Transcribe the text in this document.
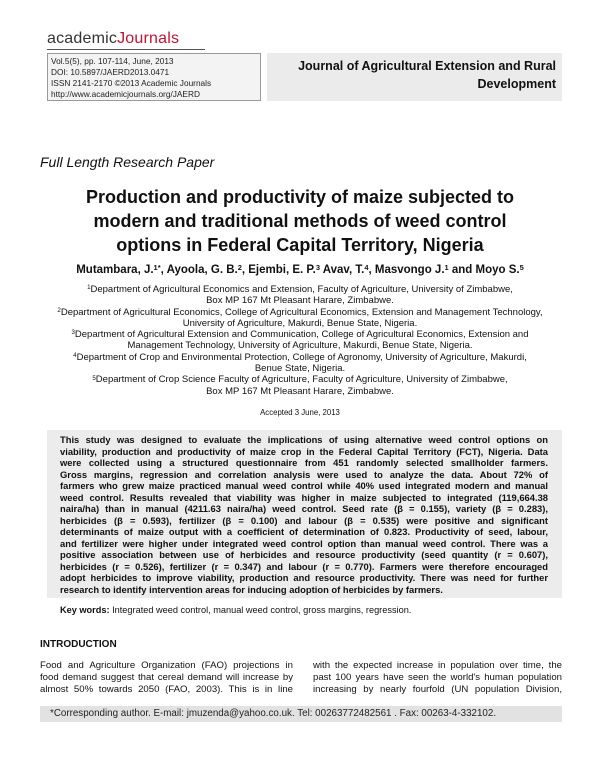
academicJournals
Vol.5(5), pp. 107-114, June, 2013
DOI: 10.5897/JAERD2013.0471
ISSN 2141-2170 ©2013 Academic Journals
http://www.academicjournals.org/JAERD
Journal of Agricultural Extension and Rural
Development
Full Length Research Paper
Production and productivity of maize subjected to
modern and traditional methods of weed control
options in Federal Capital Territory, Nigeria
Mutambara, J.$^{1*}$, Ayoola, G. B.$^2$, Ejembi, E. P.$^3$ Avav, T.$^4$, Masvongo J.$^1$ and Moyo S.$^5$
$^1$Department of Agricultural Economics and Extension, Faculty of Agriculture, University of Zimbabwe,
Box MP 167 Mt Pleasant Harare, Zimbabwe.
$^2$Department of Agricultural Economics, College of Agricultural Economics, Extension and Management Technology,
University of Agriculture, Makurdi, Benue State, Nigeria.
$^3$Department of Agricultural Extension and Communication, College of Agricultural Economics, Extension and
Management Technology, University of Agriculture, Makurdi, Benue State, Nigeria.
$^4$Department of Crop and Environmental Protection, College of Agronomy, University of Agriculture, Makurdi,
Benue State, Nigeria.
$^5$Department of Crop Science Faculty of Agriculture, Faculty of Agriculture, University of Zimbabwe,
Box MP 167 Mt Pleasant Harare, Zimbabwe.
Accepted 3 June, 2013
This study was designed to evaluate the implications of using alternative weed control options on
viability, production and productivity of maize crop in the Federal Capital Territory (FCT), Nigeria. Data
were collected using a structured questionnaire from 451 randomly selected smallholder farmers.
Gross margins, regression and correlation analysis were used to analyze the data. About 72% of
farmers who grew maize practiced manual weed control while 40% used integrated modern and manual
weed control. Results revealed that viability was higher in maize subjected to integrated (119,664.38
naira/ha) than in manual (4211.63 naira/ha) weed control. Seed rate (β = 0.155), variety (β = 0.283),
herbicides (β = 0.593), fertilizer (β = 0.100) and labour (β = 0.535) were positive and significant
determinants of maize output with a coefficient of determination of 0.823. Productivity of seed, labour,
and fertilizer were higher under integrated weed control option than manual weed control. There was a
positive association between use of herbicides and resource productivity (seed quantity (r = 0.607),
herbicides (r = 0.526), fertilizer (r = 0.347) and labour (r = 0.770). Farmers were therefore encouraged
adopt herbicides to improve viability, production and resource productivity. There was need for further
research to identify intervention areas for inducing adoption of herbicides by farmers.
Key words: Integrated weed control, manual weed control, gross margins, regression.
INTRODUCTION
Food and Agriculture Organization (FAO) projections in
food demand suggest that cereal demand will increase by
almost 50% towards 2050 (FAO, 2003). This is in line
with the expected increase in population over time, the
past 100 years have seen the world's human population
increasing by nearly fourfold (UN population Division,
*Corresponding author. E-mail: jmuzenda@yahoo.co.uk. Tel: 00263772482561 . Fax: 00263-4-332102.
